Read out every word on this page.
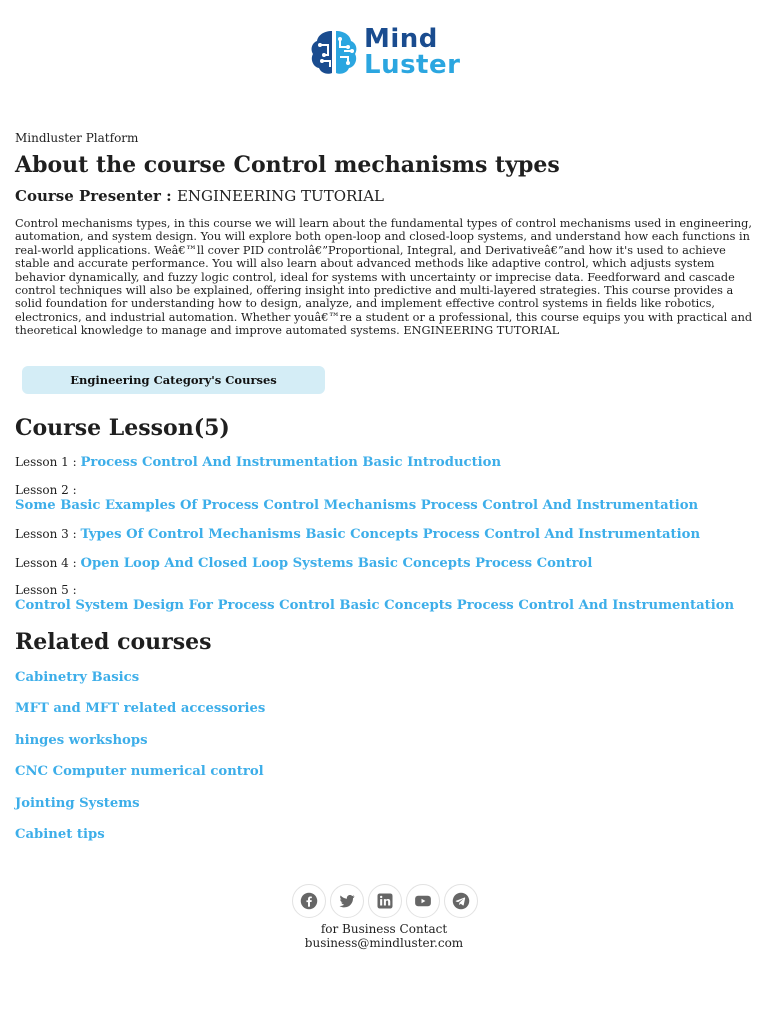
Mind
Luster

Mindluster Platform

About the course Control mechanisms types

Course Presenter : ENGINEERING TUTORIAL

Control mechanisms types, in this course we will learn about the fundamental types of control mechanisms used in engineering, automation, and system design. You will explore both open-loop and closed-loop systems, and understand how each functions in real-world applications. Weâ€™ll cover PID controlâ€”Proportional, Integral, and Derivativeâ€”and how it's used to achieve stable and accurate performance. You will also learn about advanced methods like adaptive control, which adjusts system behavior dynamically, and fuzzy logic control, ideal for systems with uncertainty or imprecise data. Feedforward and cascade control techniques will also be explained, offering insight into predictive and multi-layered strategies. This course provides a solid foundation for understanding how to design, analyze, and implement effective control systems in fields like robotics, electronics, and industrial automation. Whether youâ€™re a student or a professional, this course equips you with practical and theoretical knowledge to manage and improve automated systems. ENGINEERING TUTORIAL

Engineering Category's Courses
Course Lesson(5)
Lesson 1 : Process Control And Instrumentation Basic Introduction
Lesson 2 :
Some Basic Examples Of Process Control Mechanisms Process Control And Instrumentation
Lesson 3 : Types Of Control Mechanisms Basic Concepts Process Control And Instrumentation
Lesson 4 : Open Loop And Closed Loop Systems Basic Concepts Process Control
Lesson 5 :
Control System Design For Process Control Basic Concepts Process Control And Instrumentation
Related courses
Cabinetry Basics
MFT and MFT related accessories
hinges workshops
CNC Computer numerical control
Jointing Systems
Cabinet tips
for Business Contact
business@mindluster.com
